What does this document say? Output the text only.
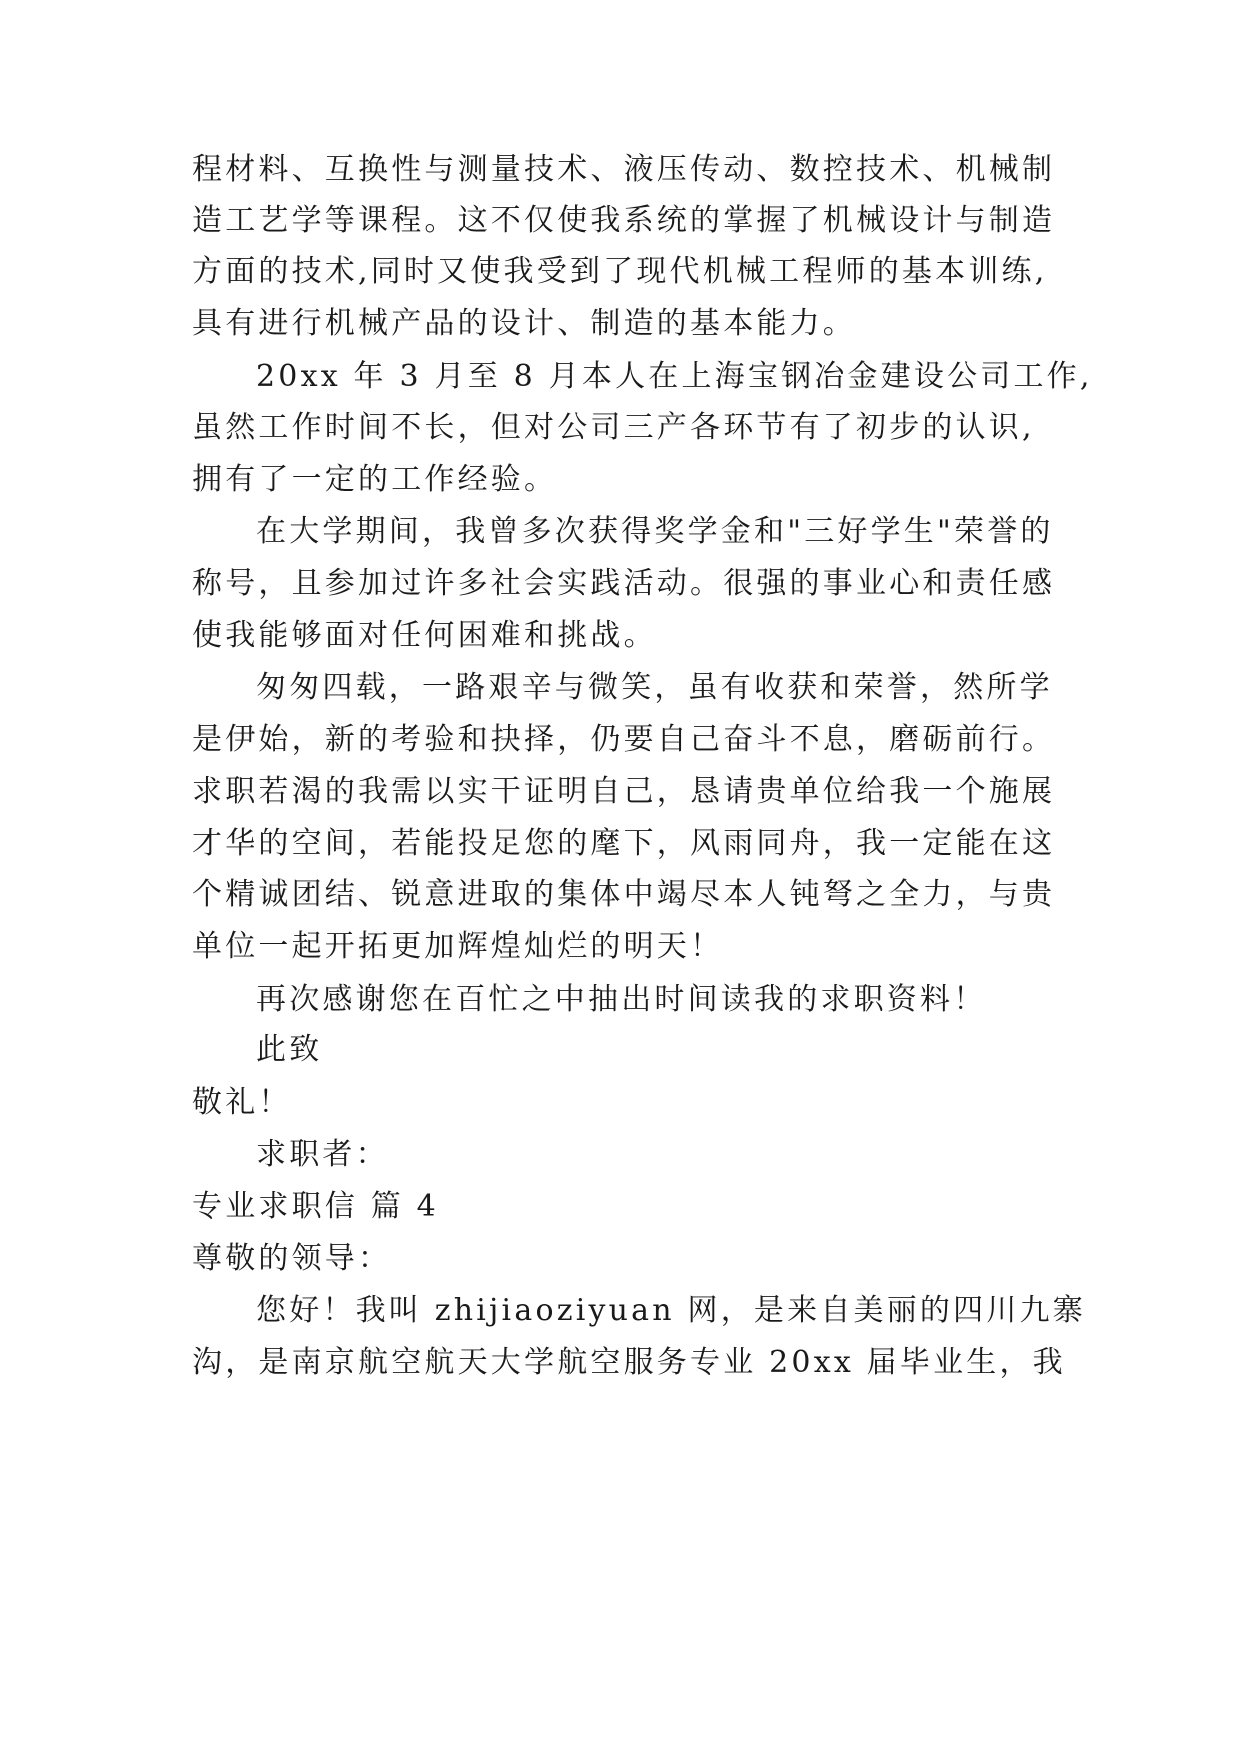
程材料、互换性与测量技术、液压传动、数控技术、机械制
造工艺学等课程。这不仅使我系统的掌握了机械设计与制造
方面的技术,同时又使我受到了现代机械工程师的基本训练,
具有进行机械产品的设计、制造的基本能力。
20xx 年 3 月至 8 月本人在上海宝钢冶金建设公司工作,
虽然工作时间不长，但对公司三产各环节有了初步的认识,
拥有了一定的工作经验。
在大学期间，我曾多次获得奖学金和"三好学生"荣誉的
称号，且参加过许多社会实践活动。很强的事业心和责任感
使我能够面对任何困难和挑战。
匆匆四载，一路艰辛与微笑，虽有收获和荣誉，然所学
是伊始，新的考验和抉择，仍要自己奋斗不息，磨砺前行。
求职若渴的我需以实干证明自己，恳请贵单位给我一个施展
才华的空间，若能投足您的麾下，风雨同舟，我一定能在这
个精诚团结、锐意进取的集体中竭尽本人钝弩之全力，与贵
单位一起开拓更加辉煌灿烂的明天！
再次感谢您在百忙之中抽出时间读我的求职资料！
此致
敬礼！
求职者：
专业求职信 篇 4
尊敬的领导：
您好！我叫 zhijiaoziyuan 网，是来自美丽的四川九寨
沟，是南京航空航天大学航空服务专业 20xx 届毕业生，我
